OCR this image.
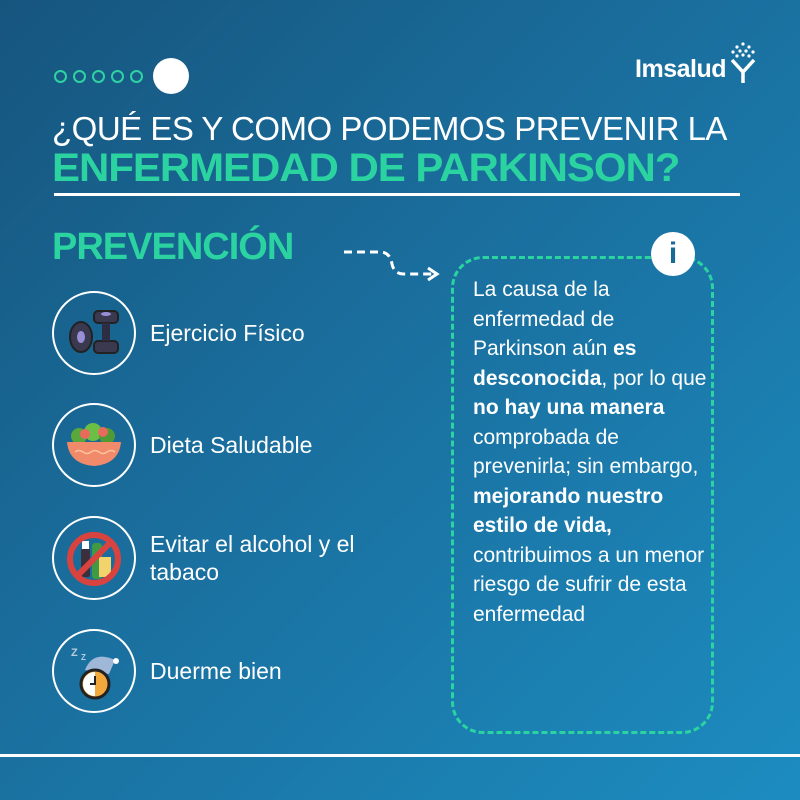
Imsalud
¿QUÉ ES Y COMO PODEMOS PREVENIR LA
ENFERMEDAD DE PARKINSON?
PREVENCIÓN
Ejercicio Físico
Dieta Saludable
Evitar el alcohol y el tabaco
Z Z
Duerme bien
i
La causa de la enfermedad de Parkinson aún es desconocida, por lo que no hay una manera comprobada de prevenirla; sin embargo, mejorando nuestro estilo de vida, contribuimos a un menor riesgo de sufrir de esta enfermedad
